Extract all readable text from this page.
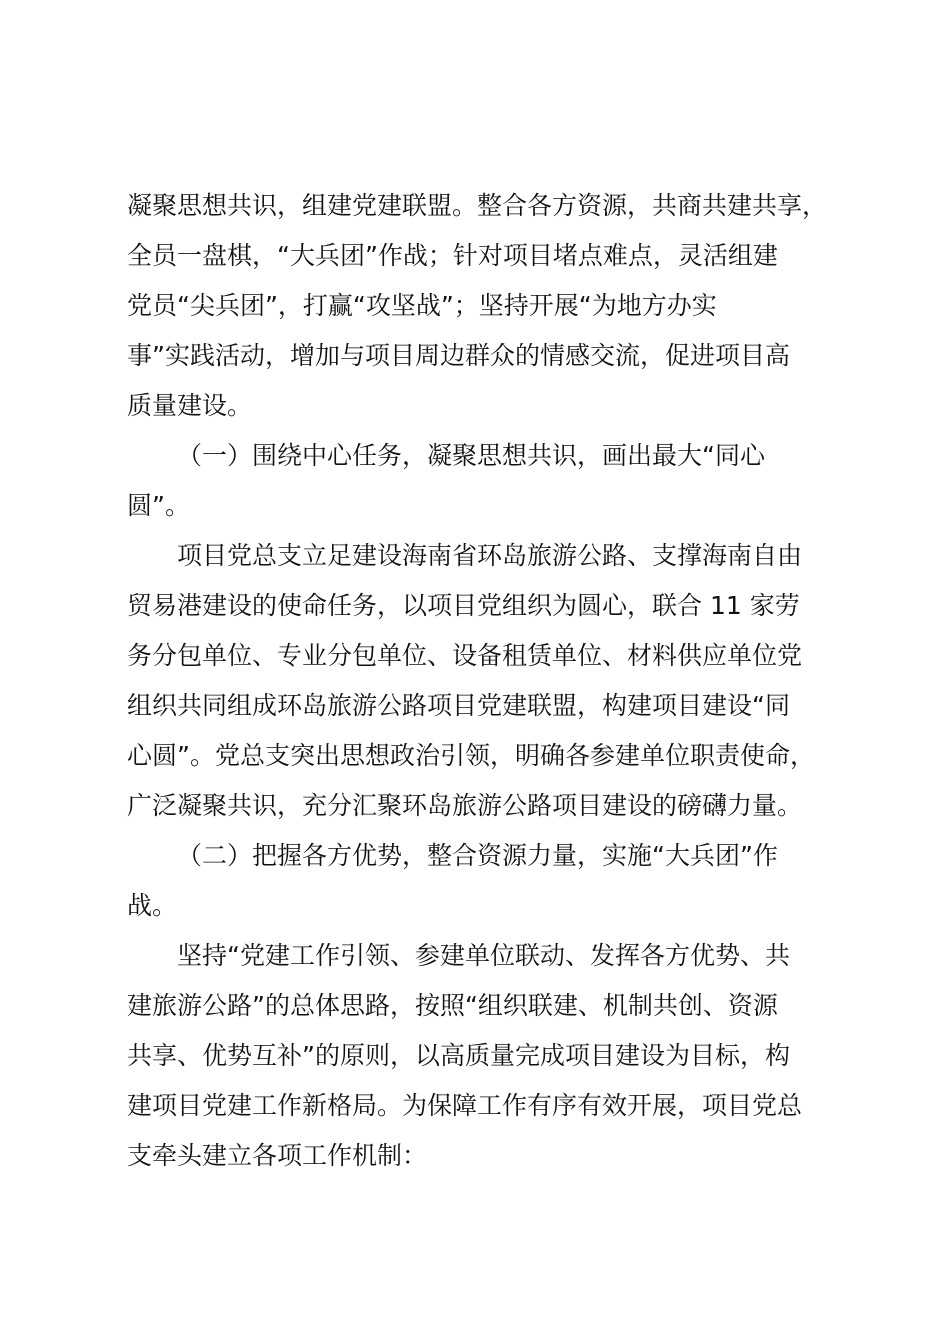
凝聚思想共识，组建党建联盟。整合各方资源，共商共建共享，
全员一盘棋，“大兵团”作战；针对项目堵点难点，灵活组建
党员“尖兵团”，打赢“攻坚战”；坚持开展“为地方办实
事”实践活动，增加与项目周边群众的情感交流，促进项目高
质量建设。
（一）围绕中心任务，凝聚思想共识，画出最大“同心
圆”。
项目党总支立足建设海南省环岛旅游公路、支撑海南自由
贸易港建设的使命任务，以项目党组织为圆心，联合 11 家劳
务分包单位、专业分包单位、设备租赁单位、材料供应单位党
组织共同组成环岛旅游公路项目党建联盟，构建项目建设“同
心圆”。党总支突出思想政治引领，明确各参建单位职责使命，
广泛凝聚共识，充分汇聚环岛旅游公路项目建设的磅礴力量。
（二）把握各方优势，整合资源力量，实施“大兵团”作
战。
坚持“党建工作引领、参建单位联动、发挥各方优势、共
建旅游公路”的总体思路，按照“组织联建、机制共创、资源
共享、优势互补”的原则，以高质量完成项目建设为目标，构
建项目党建工作新格局。为保障工作有序有效开展，项目党总
支牵头建立各项工作机制：
